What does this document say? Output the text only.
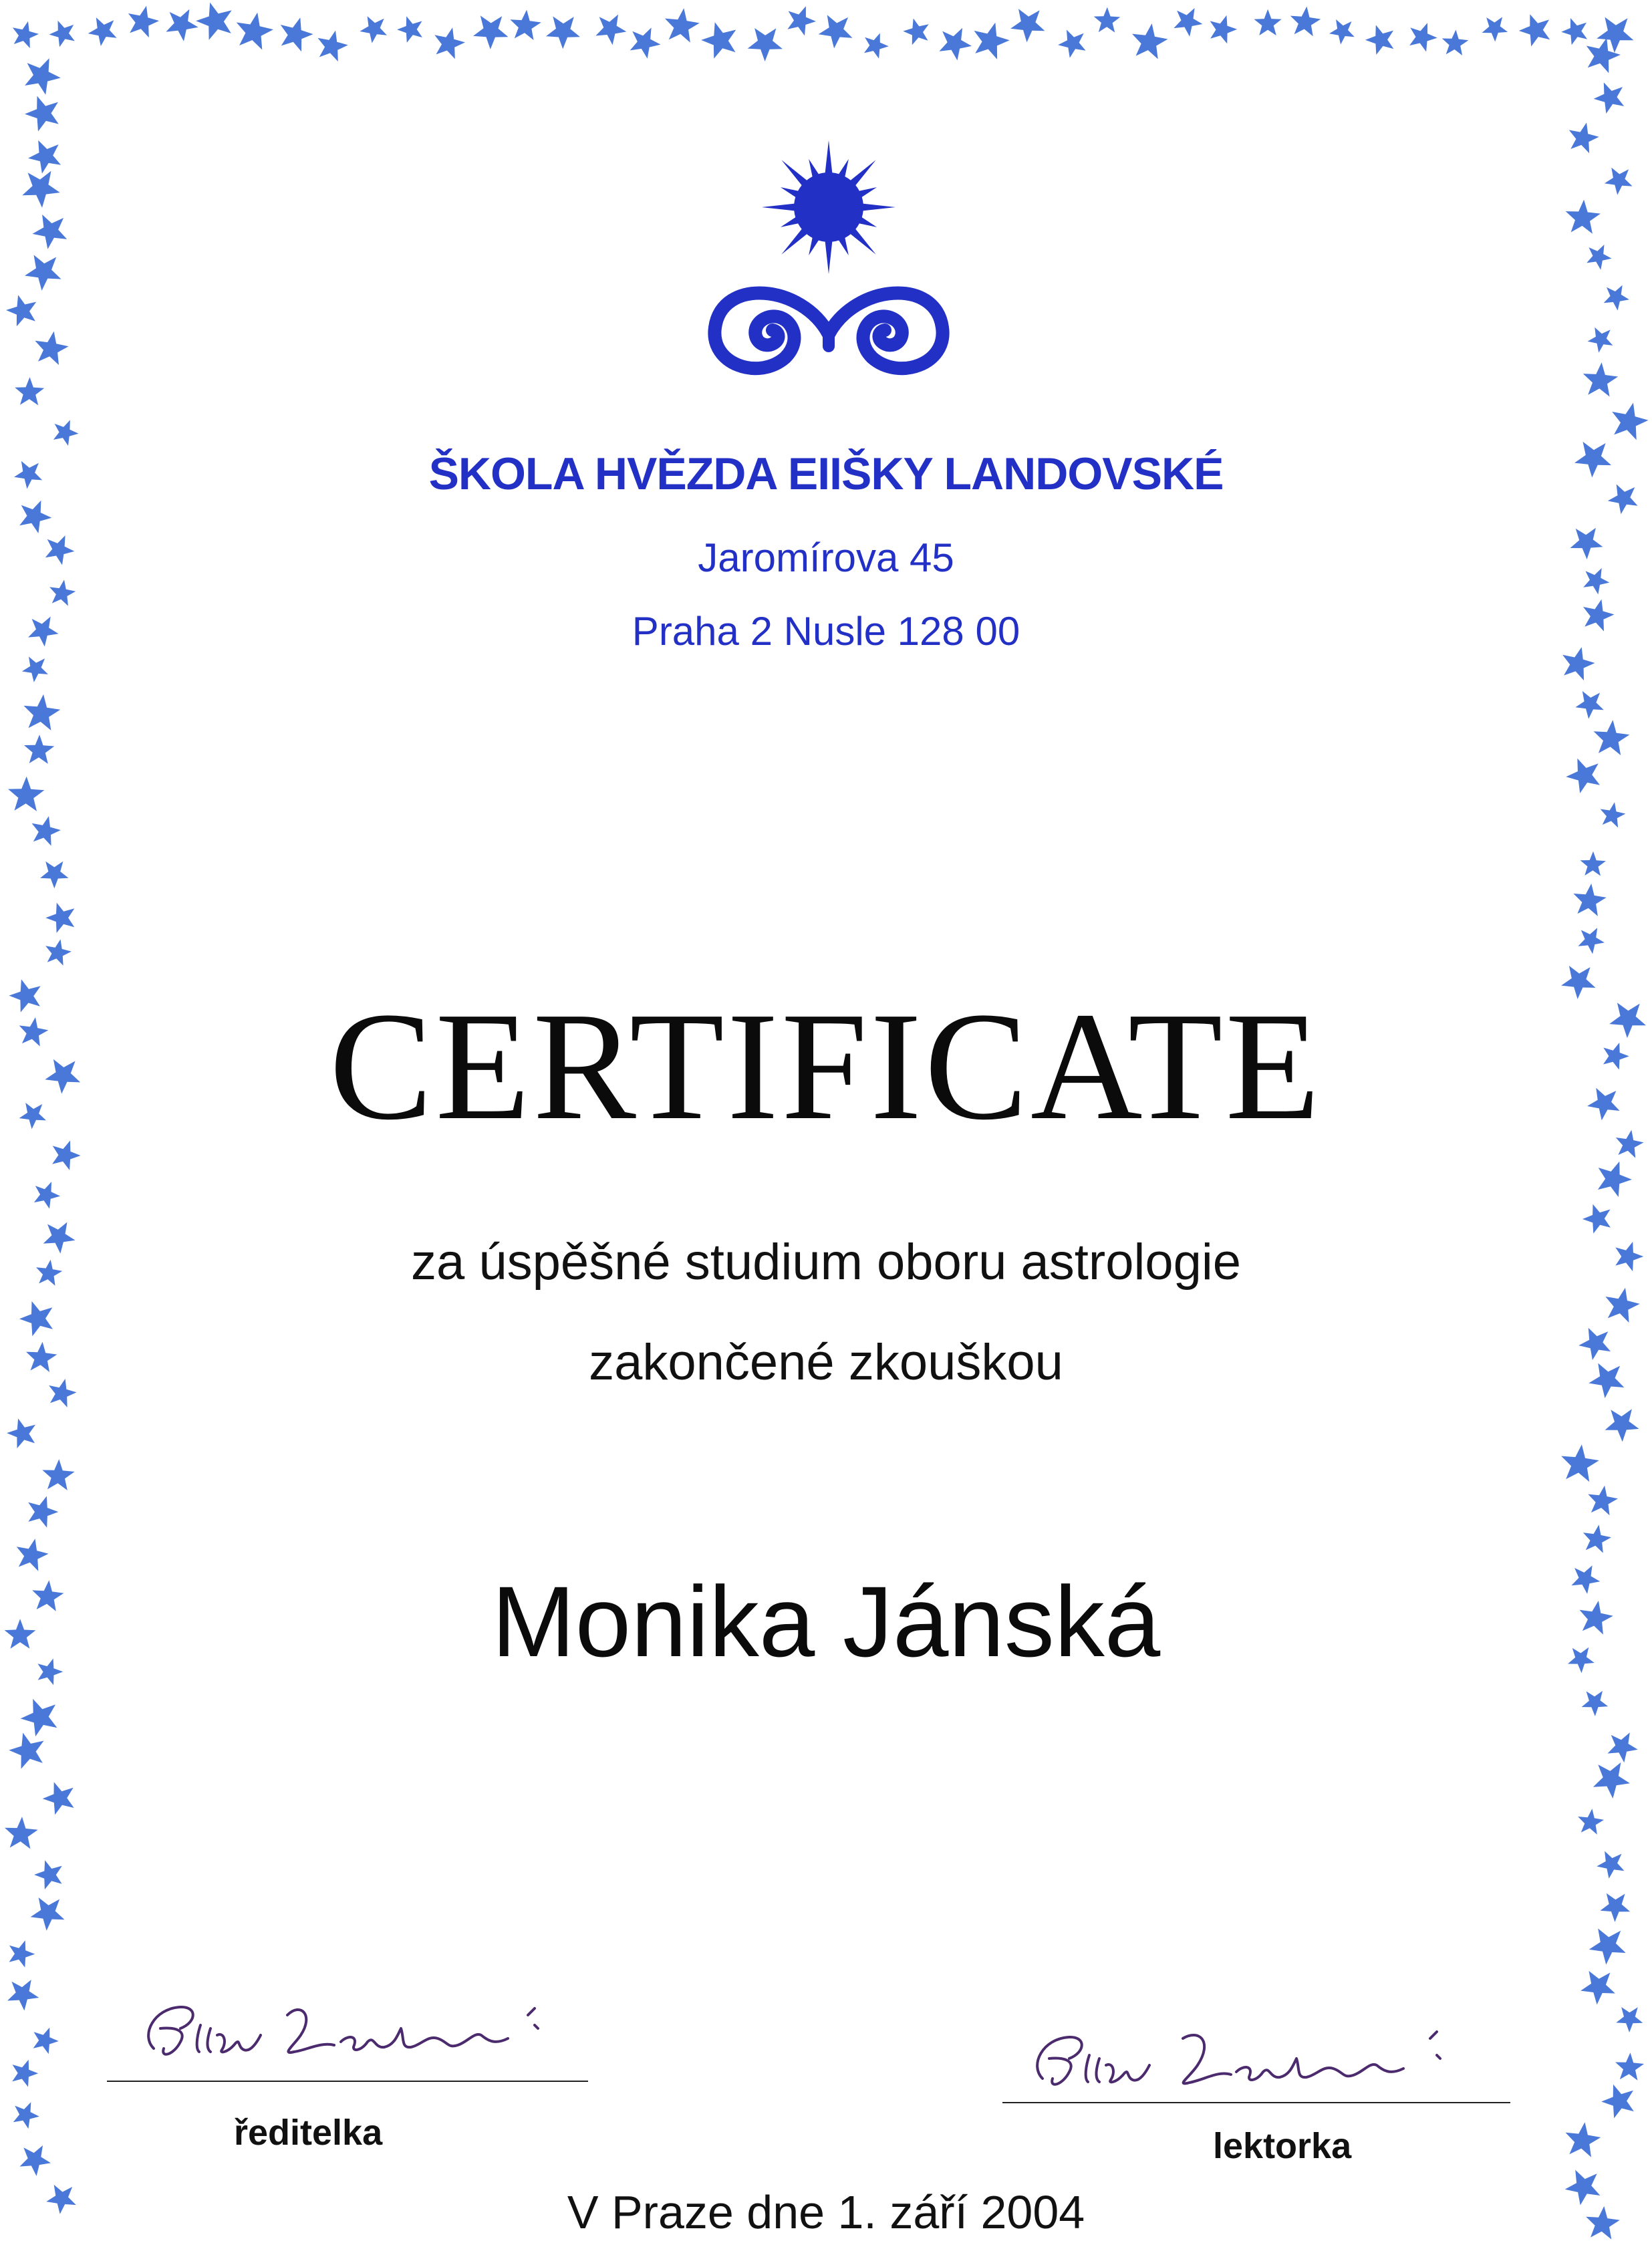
ŠKOLA HVĚZDA EIIŠKY LANDOVSKÉ
Jaromírova 45
Praha 2 Nusle 128 00
CERTIFICATE
za úspěšné studium oboru astrologie
zakončené zkouškou
Monika Jánská
ředitelka	lektorka
V Praze dne 1. září 2004
